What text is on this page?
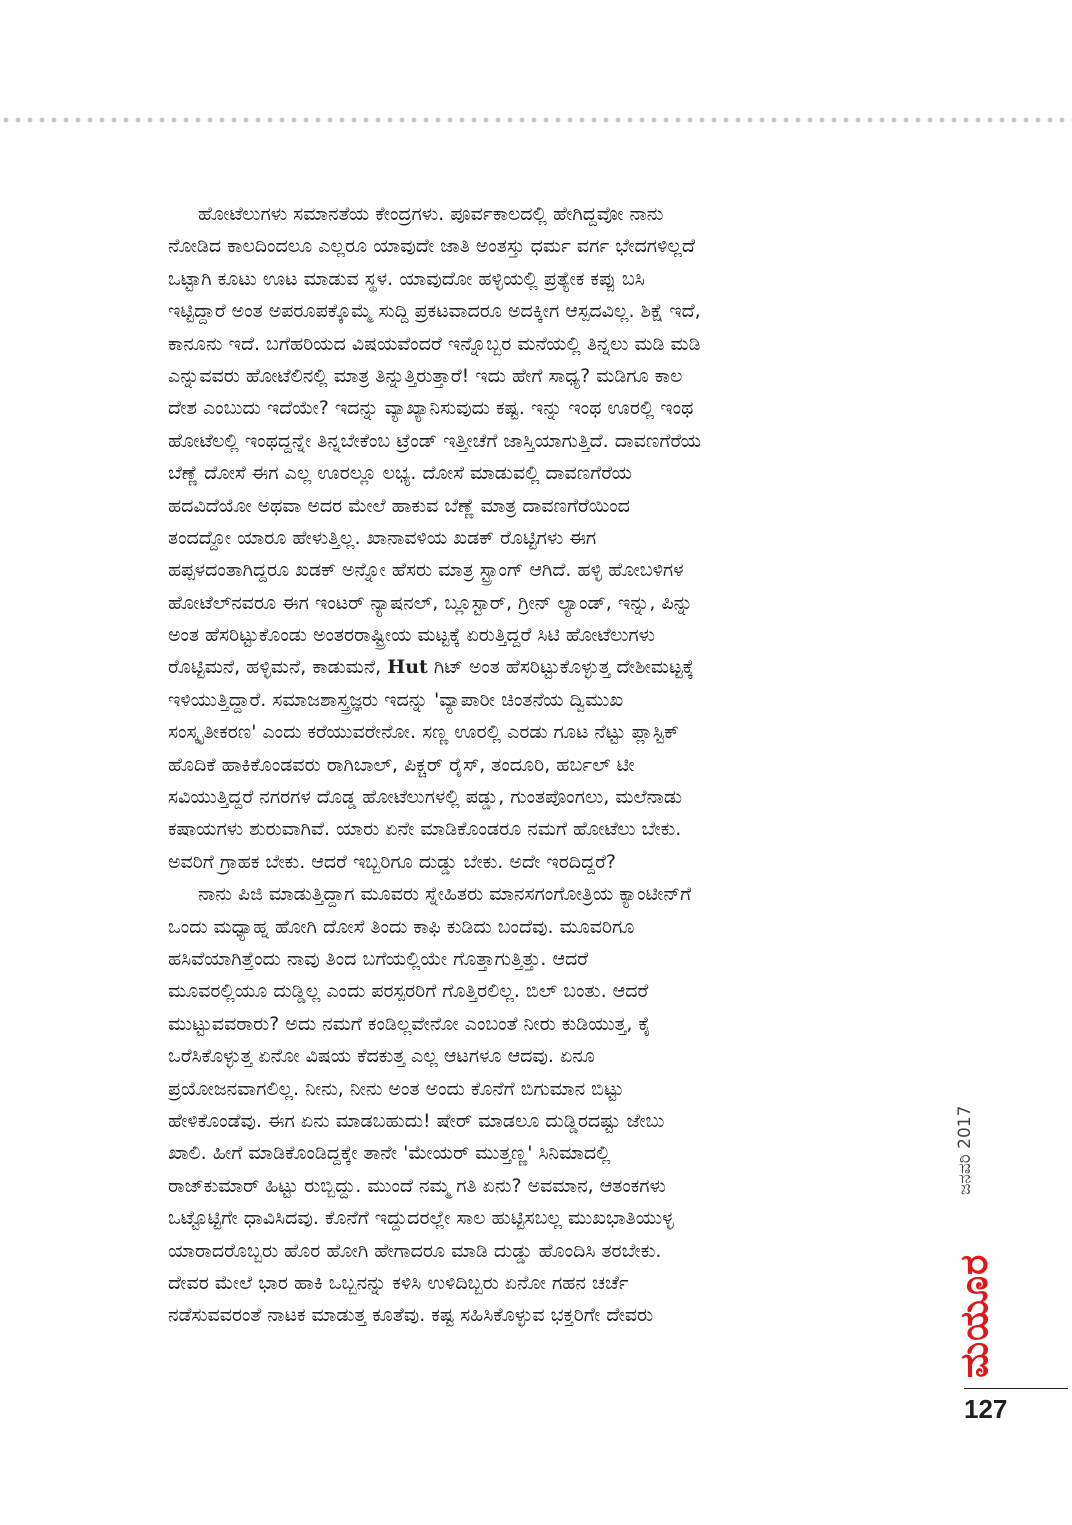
ಹೋಟೆಲುಗಳು ಸಮಾನತೆಯ ಕೇಂದ್ರಗಳು. ಪೂರ್ವಕಾಲದಲ್ಲಿ ಹೇಗಿದ್ದವೋ ನಾನು
ನೋಡಿದ ಕಾಲದಿಂದಲೂ ಎಲ್ಲರೂ ಯಾವುದೇ ಜಾತಿ ಅಂತಸ್ತು ಧರ್ಮ ವರ್ಗ ಭೇದಗಳಿಲ್ಲದೆ
ಒಟ್ಟಾಗಿ ಕೂಟು ಊಟ ಮಾಡುವ ಸ್ಥಳ. ಯಾವುದೋ ಹಳ್ಳಿಯಲ್ಲಿ ಪ್ರತ್ಯೇಕ ಕಪ್ಪು ಬಸಿ
ಇಟ್ಟಿದ್ದಾರೆ ಅಂತ ಅಪರೂಪಕ್ಕೊಮ್ಮೆ ಸುದ್ದಿ ಪ್ರಕಟವಾದರೂ ಅದಕ್ಕೀಗ ಆಸ್ಪದವಿಲ್ಲ. ಶಿಕ್ಷೆ ಇದೆ,
ಕಾನೂನು ಇದೆ. ಬಗೆಹರಿಯದ ವಿಷಯವೆಂದರೆ ಇನ್ನೊಬ್ಬರ ಮನೆಯಲ್ಲಿ ತಿನ್ನಲು ಮಡಿ ಮಡಿ
ಎನ್ನುವವರು ಹೋಟೆಲಿನಲ್ಲಿ ಮಾತ್ರ ತಿನ್ನುತ್ತಿರುತ್ತಾರೆ! ಇದು ಹೇಗೆ ಸಾಧ್ಯ? ಮಡಿಗೂ ಕಾಲ
ದೇಶ ಎಂಬುದು ಇದೆಯೇ? ಇದನ್ನು ವ್ಯಾಖ್ಯಾನಿಸುವುದು ಕಷ್ಟ. ಇನ್ನು ಇಂಥ ಊರಲ್ಲಿ ಇಂಥ
ಹೋಟೆಲಲ್ಲಿ ಇಂಥದ್ದನ್ನೇ ತಿನ್ನಬೇಕೆಂಬ ಟ್ರೆಂಡ್ ಇತ್ತೀಚೆಗೆ ಜಾಸ್ತಿಯಾಗುತ್ತಿದೆ. ದಾವಣಗೆರೆಯ
ಬೆಣ್ಣೆ ದೋಸೆ ಈಗ ಎಲ್ಲ ಊರಲ್ಲೂ ಲಭ್ಯ. ದೋಸೆ ಮಾಡುವಲ್ಲಿ ದಾವಣಗೆರೆಯ
ಹದವಿದೆಯೋ ಅಥವಾ ಅದರ ಮೇಲೆ ಹಾಕುವ ಬೆಣ್ಣೆ ಮಾತ್ರ ದಾವಣಗೆರೆಯಿಂದ
ತಂದದ್ದೋ ಯಾರೂ ಹೇಳುತ್ತಿಲ್ಲ. ಖಾನಾವಳಿಯ ಖಡಕ್ ರೊಟ್ಟಿಗಳು ಈಗ
ಹಪ್ಪಳದಂತಾಗಿದ್ದರೂ ಖಡಕ್ ಅನ್ನೋ ಹೆಸರು ಮಾತ್ರ ಸ್ಟ್ರಾಂಗ್ ಆಗಿದೆ. ಹಳ್ಳಿ ಹೋಬಳಿಗಳ
ಹೋಟೆಲ್‌ನವರೂ ಈಗ ಇಂಟರ್ ನ್ಯಾಷನಲ್, ಬ್ಲೂಸ್ಟಾರ್, ಗ್ರೀನ್ ಲ್ಯಾಂಡ್, ಇನ್ನು, ಪಿನ್ನು
ಅಂತ ಹೆಸರಿಟ್ಟುಕೊಂಡು ಅಂತರರಾಷ್ಟ್ರೀಯ ಮಟ್ಟಕ್ಕೆ ಏರುತ್ತಿದ್ದರೆ ಸಿಟಿ ಹೋಟೆಲುಗಳು
ರೊಟ್ಟಿಮನೆ, ಹಳ್ಳಿಮನೆ, ಕಾಡುಮನೆ, Hut ಗಿಟ್ ಅಂತ ಹೆಸರಿಟ್ಟುಕೊಳ್ಳುತ್ತ ದೇಶೀಮಟ್ಟಕ್ಕೆ
ಇಳಿಯುತ್ತಿದ್ದಾರೆ. ಸಮಾಜಶಾಸ್ತ್ರಜ್ಞರು ಇದನ್ನು 'ವ್ಯಾಪಾರೀ ಚಿಂತನೆಯ ದ್ವಿಮುಖ
ಸಂಸ್ಕೃತೀಕರಣ' ಎಂದು ಕರೆಯುವರೇನೋ. ಸಣ್ಣ ಊರಲ್ಲಿ ಎರಡು ಗೂಟ ನೆಟ್ಟು ಪ್ಲಾಸ್ಟಿಕ್
ಹೊದಿಕೆ ಹಾಕಿಕೊಂಡವರು ರಾಗಿಬಾಲ್, ಪಿಕ್ಚರ್ ರೈಸ್, ತಂದೂರಿ, ಹರ್ಬಲ್ ಟೀ
ಸವಿಯುತ್ತಿದ್ದರೆ ನಗರಗಳ ದೊಡ್ಡ ಹೋಟೆಲುಗಳಲ್ಲಿ ಪಡ್ಡು, ಗುಂತಪೊಂಗಲು, ಮಲೆನಾಡು
ಕಷಾಯಗಳು ಶುರುವಾಗಿವೆ. ಯಾರು ಏನೇ ಮಾಡಿಕೊಂಡರೂ ನಮಗೆ ಹೋಟೆಲು ಬೇಕು.
ಅವರಿಗೆ ಗ್ರಾಹಕ ಬೇಕು. ಆದರೆ ಇಬ್ಬರಿಗೂ ದುಡ್ಡು ಬೇಕು. ಅದೇ ಇರದಿದ್ದರೆ?
ನಾನು ಪಿಜಿ ಮಾಡುತ್ತಿದ್ದಾಗ ಮೂವರು ಸ್ನೇಹಿತರು ಮಾನಸಗಂಗೋತ್ರಿಯ ಕ್ಯಾಂಟೀನ್‌ಗೆ
ಒಂದು ಮಧ್ಯಾಹ್ನ ಹೋಗಿ ದೋಸೆ ತಿಂದು ಕಾಫಿ ಕುಡಿದು ಬಂದೆವು. ಮೂವರಿಗೂ
ಹಸಿವೆಯಾಗಿತ್ತೆಂದು ನಾವು ತಿಂದ ಬಗೆಯಲ್ಲಿಯೇ ಗೊತ್ತಾಗುತ್ತಿತ್ತು. ಆದರೆ
ಮೂವರಲ್ಲಿಯೂ ದುಡ್ಡಿಲ್ಲ ಎಂದು ಪರಸ್ಪರರಿಗೆ ಗೊತ್ತಿರಲಿಲ್ಲ. ಬಿಲ್ ಬಂತು. ಆದರೆ
ಮುಟ್ಟುವವರಾರು? ಅದು ನಮಗೆ ಕಂಡಿಲ್ಲವೇನೋ ಎಂಬಂತೆ ನೀರು ಕುಡಿಯುತ್ತ, ಕೈ
ಒರೆಸಿಕೊಳ್ಳುತ್ತ ಏನೋ ವಿಷಯ ಕೆದಕುತ್ತ ಎಲ್ಲ ಆಟಗಳೂ ಆದವು. ಏನೂ
ಪ್ರಯೋಜನವಾಗಲಿಲ್ಲ. ನೀನು, ನೀನು ಅಂತ ಅಂದು ಕೊನೆಗೆ ಬಿಗುಮಾನ ಬಿಟ್ಟು
ಹೇಳಿಕೊಂಡೆವು. ಈಗ ಏನು ಮಾಡಬಹುದು! ಷೇರ್ ಮಾಡಲೂ ದುಡ್ಡಿರದಷ್ಟು ಜೇಬು
ಖಾಲಿ. ಹೀಗೆ ಮಾಡಿಕೊಂಡಿದ್ದಕ್ಕೇ ತಾನೇ 'ಮೇಯರ್ ಮುತ್ತಣ್ಣ' ಸಿನಿಮಾದಲ್ಲಿ
ರಾಜ್‌ಕುಮಾರ್ ಹಿಟ್ಟು ರುಬ್ಬಿದ್ದು. ಮುಂದೆ ನಮ್ಮ ಗತಿ ಏನು? ಅವಮಾನ, ಆತಂಕಗಳು
ಒಟ್ಟೊಟ್ಟಿಗೇ ಧಾವಿಸಿದವು. ಕೊನೆಗೆ ಇದ್ದುದರಲ್ಲೇ ಸಾಲ ಹುಟ್ಟಿಸಬಲ್ಲ ಮುಖಭಾತಿಯುಳ್ಳ
ಯಾರಾದರೊಬ್ಬರು ಹೊರ ಹೋಗಿ ಹೇಗಾದರೂ ಮಾಡಿ ದುಡ್ಡು ಹೊಂದಿಸಿ ತರಬೇಕು.
ದೇವರ ಮೇಲೆ ಭಾರ ಹಾಕಿ ಒಬ್ಬನನ್ನು ಕಳಿಸಿ ಉಳಿದಿಬ್ಬರು ಏನೋ ಗಹನ ಚರ್ಚೆ
ನಡೆಸುವವರಂತೆ ನಾಟಕ ಮಾಡುತ್ತ ಕೂತೆವು. ಕಷ್ಟ ಸಹಿಸಿಕೊಳ್ಳುವ ಭಕ್ತರಿಗೇ ದೇವರು
ಜನವರಿ 2017
ಮಯೂರ
127
